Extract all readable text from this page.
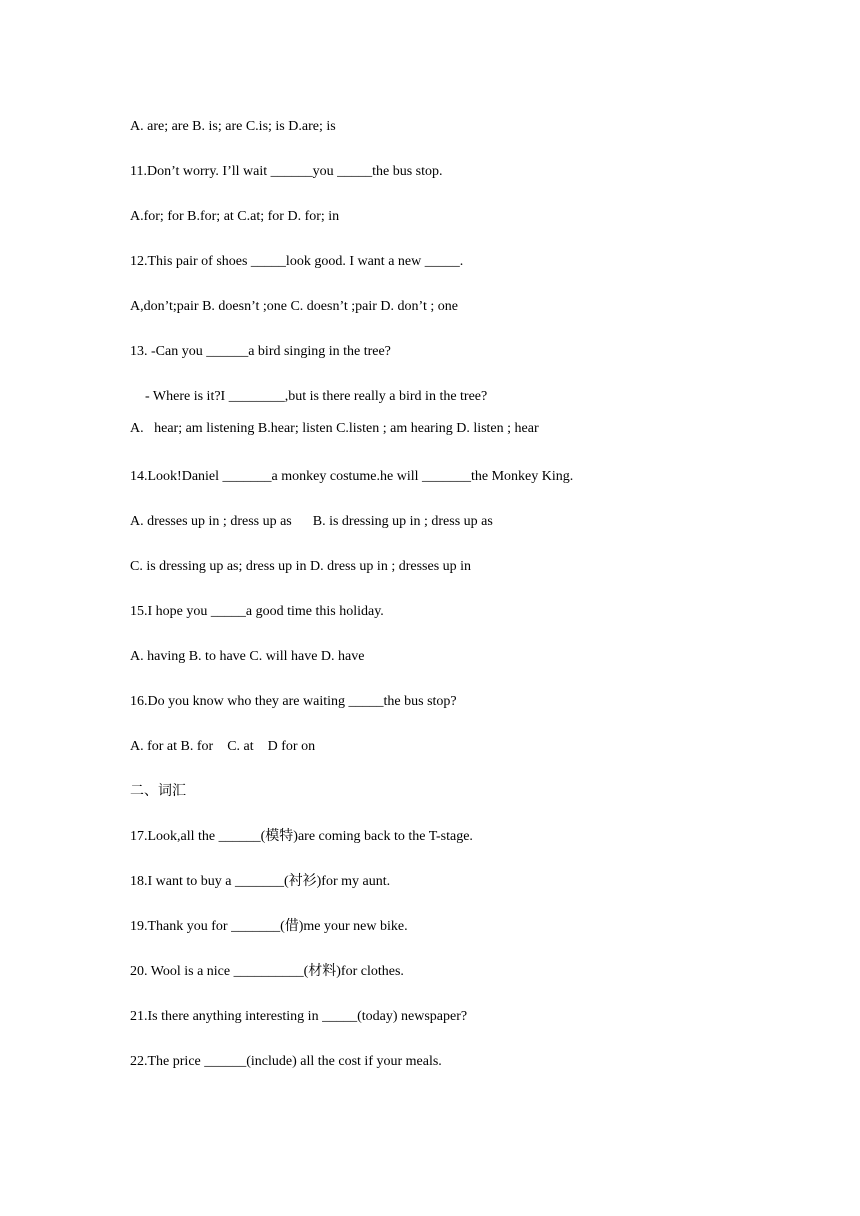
A. are; are B. is; are C.is; is D.are; is
11.Don’t worry. I’ll wait ______you _____the bus stop.
A.for; for B.for; at C.at; for D. for; in
12.This pair of shoes _____look good. I want a new _____.
A,don’t;pair B. doesn’t ;one C. doesn’t ;pair D. don’t ; one
13. -Can you ______a bird singing in the tree?
- Where is it?I ________,but is there really a bird in the tree?
A.   hear; am listening B.hear; listen C.listen ; am hearing D. listen ; hear
14.Look!Daniel _______a monkey costume.he will _______the Monkey King.
A. dresses up in ; dress up as      B. is dressing up in ; dress up as
C. is dressing up as; dress up in D. dress up in ; dresses up in
15.I hope you _____a good time this holiday.
A. having B. to have C. will have D. have
16.Do you know who they are waiting _____the bus stop?
A. for at B. for    C. at    D for on
二、词汇
17.Look,all the ______(模特)are coming back to the T-stage.
18.I want to buy a _______(衬衫)for my aunt.
19.Thank you for _______(借)me your new bike.
20. Wool is a nice __________(材料)for clothes.
21.Is there anything interesting in _____(today) newspaper?
22.The price ______(include) all the cost if your meals.
